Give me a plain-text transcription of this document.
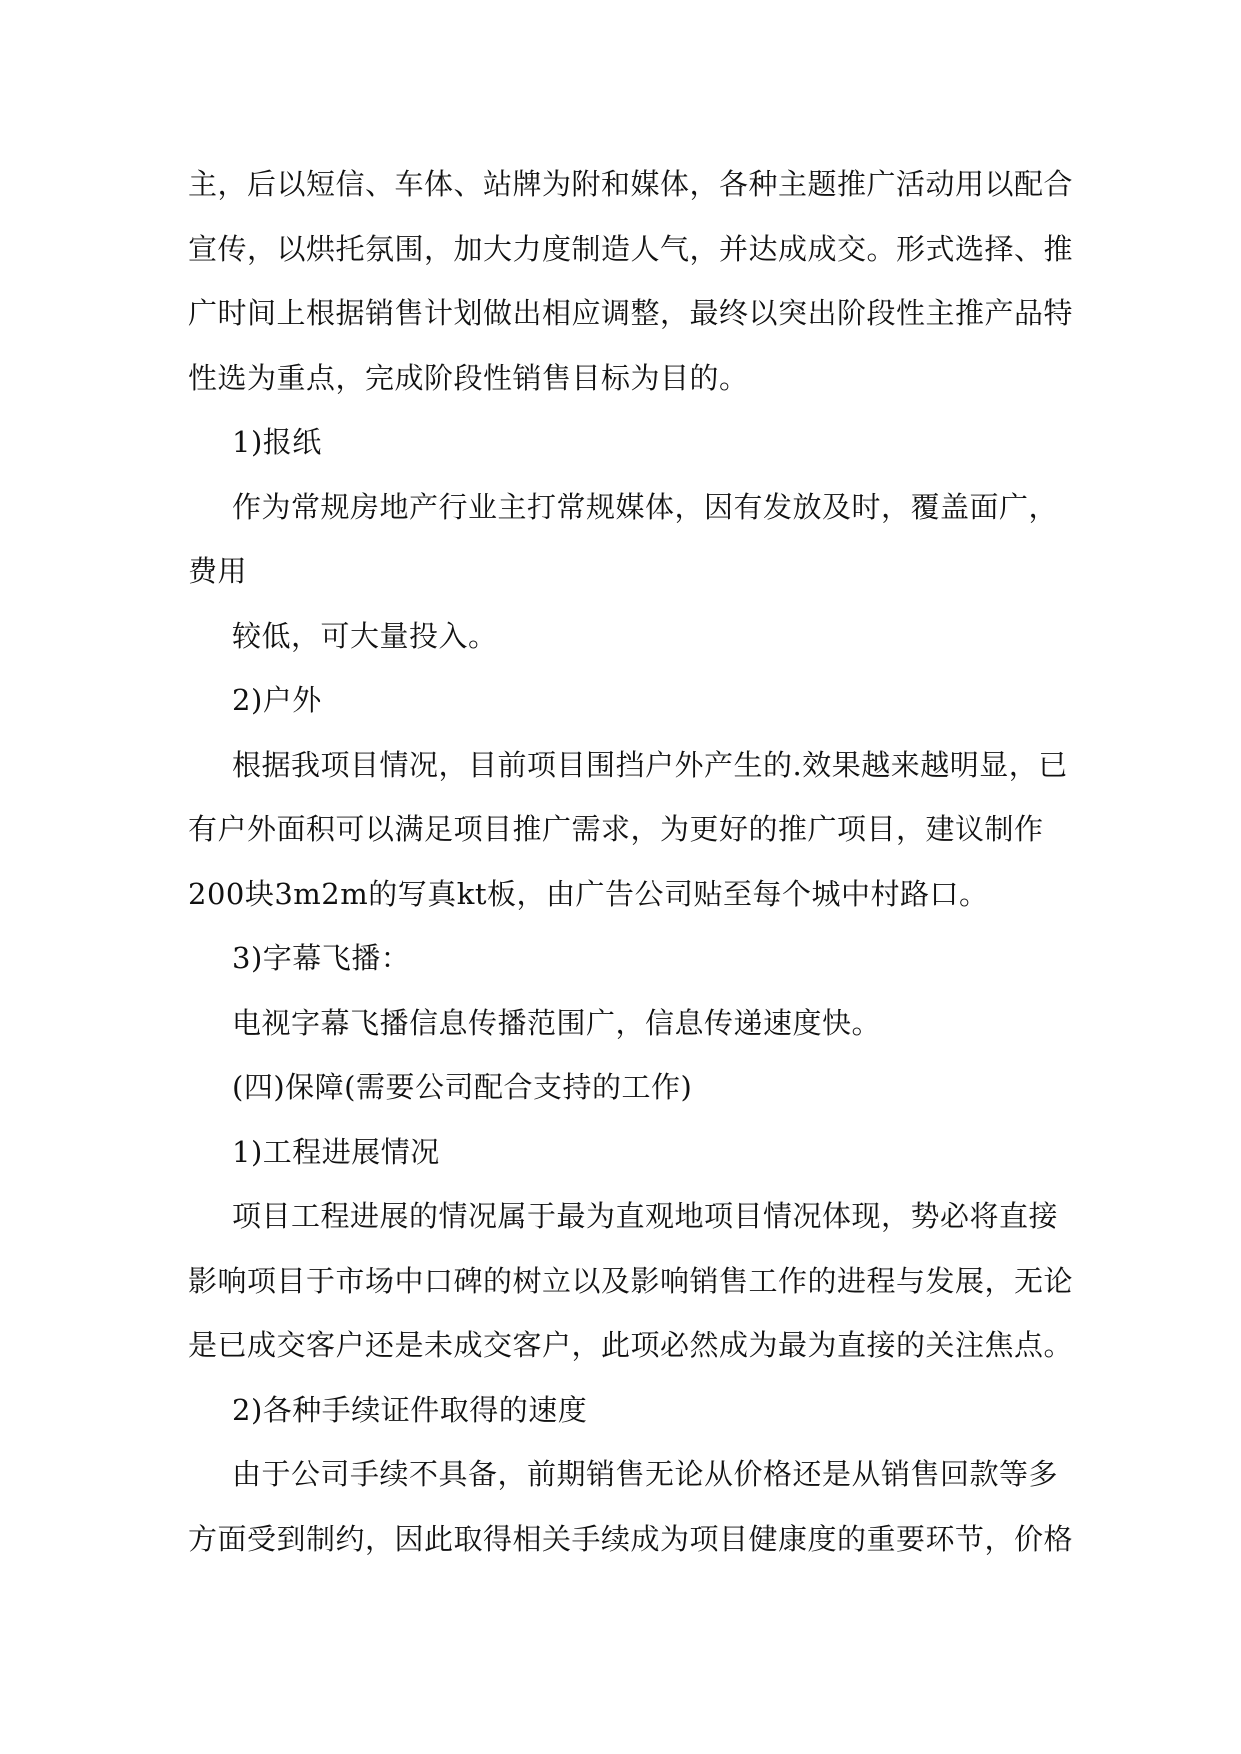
主，后以短信、车体、站牌为附和媒体，各种主题推广活动用以配合
宣传，以烘托氛围，加大力度制造人气，并达成成交。形式选择、推
广时间上根据销售计划做出相应调整，最终以突出阶段性主推产品特
性选为重点，完成阶段性销售目标为目的。
1)报纸
作为常规房地产行业主打常规媒体，因有发放及时，覆盖面广，
费用
较低，可大量投入。
2)户外
根据我项目情况，目前项目围挡户外产生的.效果越来越明显，已
有户外面积可以满足项目推广需求，为更好的推广项目，建议制作
200块3m2m的写真kt板，由广告公司贴至每个城中村路口。
3)字幕飞播：
电视字幕飞播信息传播范围广，信息传递速度快。
(四)保障(需要公司配合支持的工作)
1)工程进展情况
项目工程进展的情况属于最为直观地项目情况体现，势必将直接
影响项目于市场中口碑的树立以及影响销售工作的进程与发展，无论
是已成交客户还是未成交客户，此项必然成为最为直接的关注焦点。
2)各种手续证件取得的速度
由于公司手续不具备，前期销售无论从价格还是从销售回款等多
方面受到制约，因此取得相关手续成为项目健康度的重要环节，价格
